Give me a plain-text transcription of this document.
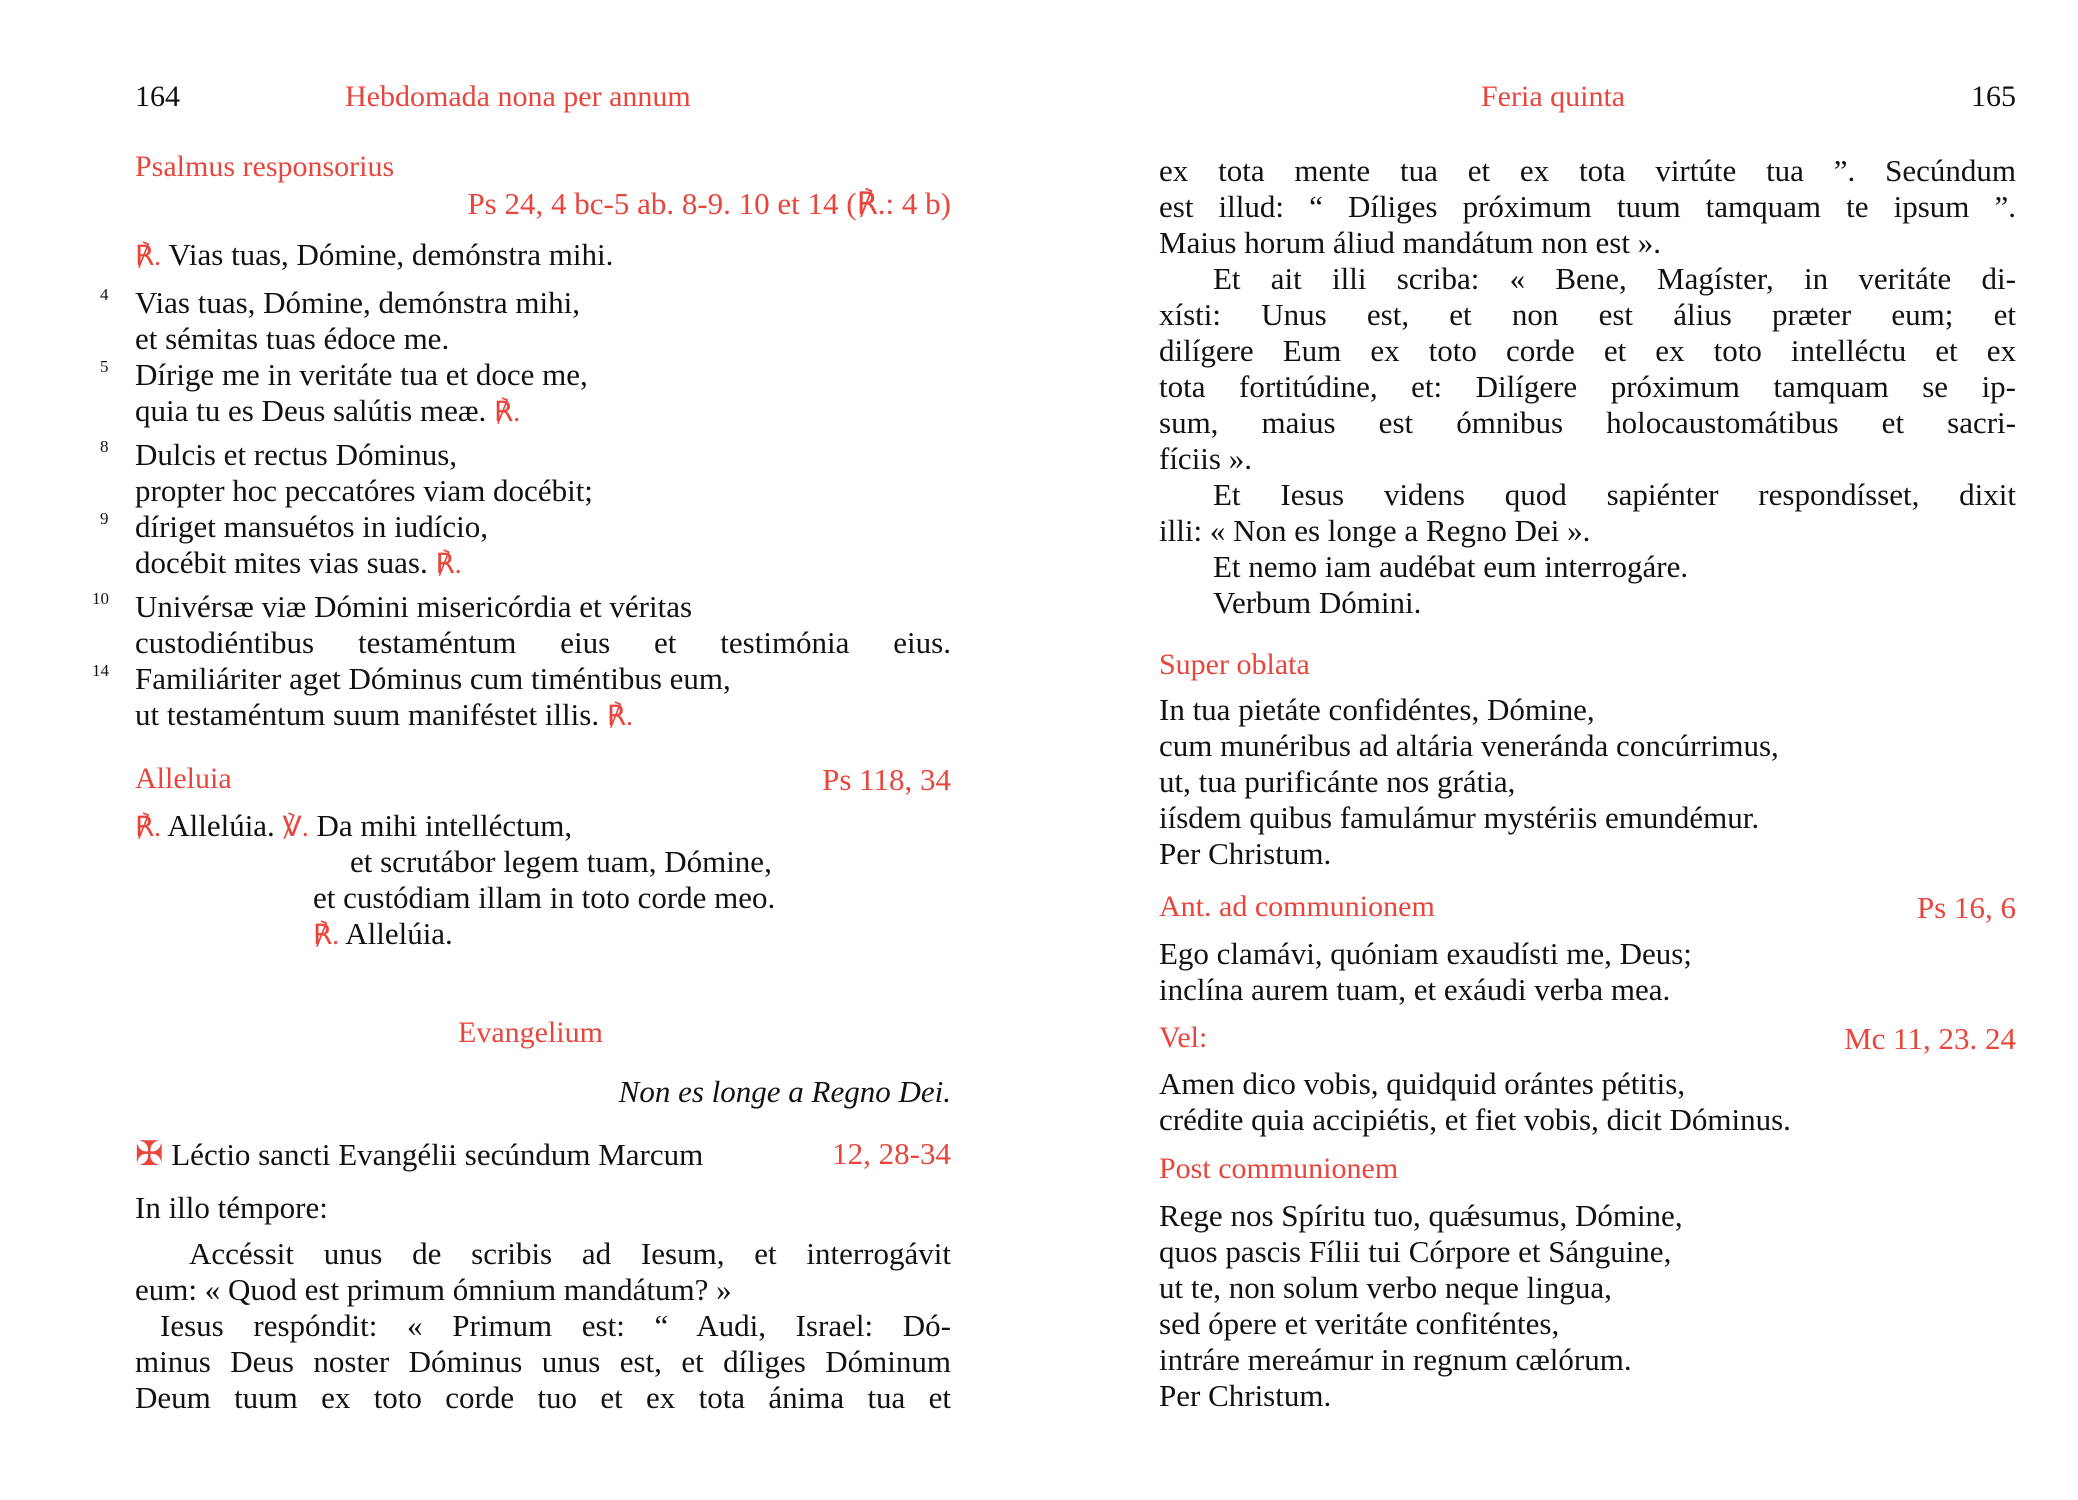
164	Hebdomada nona per annum
Psalmus responsorius
Ps 24, 4 bc-5 ab. 8-9. 10 et 14 (℟.: 4 b)
℟. Vias tuas, Dómine, demónstra mihi.
4 Vias tuas, Dómine, demónstra mihi,
et sémitas tuas édoce me.
5 Dírige me in veritáte tua et doce me,
quia tu es Deus salútis meæ. ℟.
8 Dulcis et rectus Dóminus,
propter hoc peccatóres viam docébit;
9 díriget mansuétos in iudício,
docébit mites vias suas. ℟.
10 Univérsæ viæ Dómini misericórdia et véritas
custodiéntibus testaméntum eius et testimónia eius.
14 Familiáriter aget Dóminus cum timéntibus eum,
ut testaméntum suum maniféstet illis. ℟.
Alleluia	Ps 118, 34
℟. Allelúia. ℣. Da mihi intelléctum,
et scrutábor legem tuam, Dómine,
et custódiam illam in toto corde meo.
℟. Allelúia.
Evangelium
Non es longe a Regno Dei.
✠ Léctio sancti Evangélii secúndum Marcum	12, 28-34
In illo témpore:
Accéssit unus de scribis ad Iesum, et interrogávit
eum: « Quod est primum ómnium mandátum? »
Iesus respóndit: « Primum est: “ Audi, Israel: Dó-
minus Deus noster Dóminus unus est, et díliges Dóminum
Deum tuum ex toto corde tuo et ex tota ánima tua et
Feria quinta	165
ex tota mente tua et ex tota virtúte tua ”. Secúndum
est illud: “ Díliges próximum tuum tamquam te ipsum ”.
Maius horum áliud mandátum non est ».
Et ait illi scriba: « Bene, Magíster, in veritáte di-
xísti: Unus est, et non est álius præter eum; et
dilígere Eum ex toto corde et ex toto intelléctu et ex
tota fortitúdine, et: Dilígere próximum tamquam se ip-
sum, maius est ómnibus holocaustomátibus et sacri-
fíciis ».
Et Iesus videns quod sapiénter respondísset, dixit
illi: « Non es longe a Regno Dei ».
Et nemo iam audébat eum interrogáre.
Verbum Dómini.
Super oblata
In tua pietáte confidéntes, Dómine,
cum munéribus ad altária veneránda concúrrimus,
ut, tua purificánte nos grátia,
iísdem quibus famulámur mystériis emundémur.
Per Christum.
Ant. ad communionem	Ps 16, 6
Ego clamávi, quóniam exaudísti me, Deus;
inclína aurem tuam, et exáudi verba mea.
Vel:	Mc 11, 23. 24
Amen dico vobis, quidquid orántes pétitis,
crédite quia accipiétis, et fiet vobis, dicit Dóminus.
Post communionem
Rege nos Spíritu tuo, quǽsumus, Dómine,
quos pascis Fílii tui Córpore et Sánguine,
ut te, non solum verbo neque lingua,
sed ópere et veritáte confiténtes,
intráre mereámur in regnum cælórum.
Per Christum.
